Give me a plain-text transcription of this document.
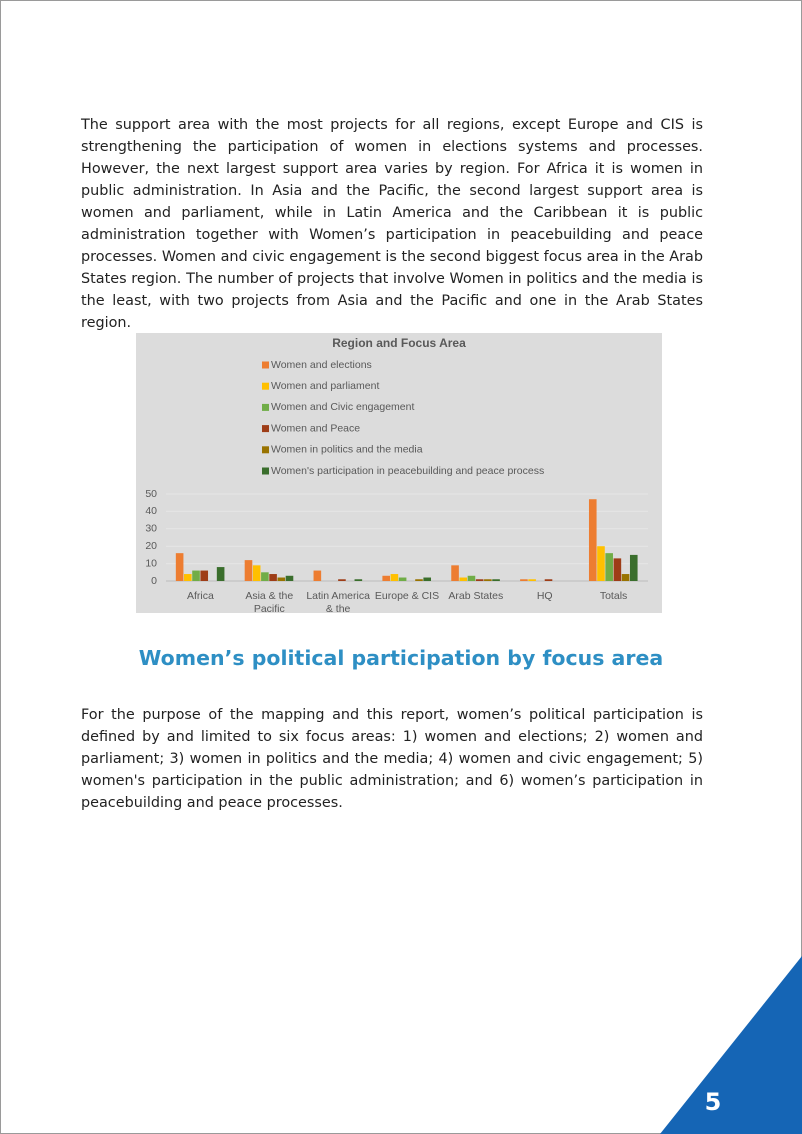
The support area with the most projects for all regions, except Europe and CIS is strengthening the participation of women in elections systems and processes. However, the next largest support area varies by region. For Africa it is women in public administration. In Asia and the Pacific, the second largest support area is women and parliament, while in Latin America and the Caribbean it is public administration together with Women’s participation in peacebuilding and peace processes. Women and civic engagement is the second biggest focus area in the Arab States region. The number of projects that involve Women in politics and the media is the least, with two projects from Asia and the Pacific and one in the Arab States region.

Region and Focus Area
Women and elections
Women and parliament
Women and Civic engagement
Women and Peace
Women in politics and the media
Women's participation in peacebuilding and peace process
0
10
20
30
40
50
Africa	Asia & the
Pacific
Latin America
& the
Europe & CIS Arab States	HQ	Totals
Women’s political participation by focus area

For the purpose of the mapping and this report, women’s political participation is defined by and limited to six focus areas: 1) women and elections; 2) women and parliament; 3) women in politics and the media; 4) women and civic engagement; 5) women's participation in the public administration; and 6) women’s participation in peacebuilding and peace processes.

5
